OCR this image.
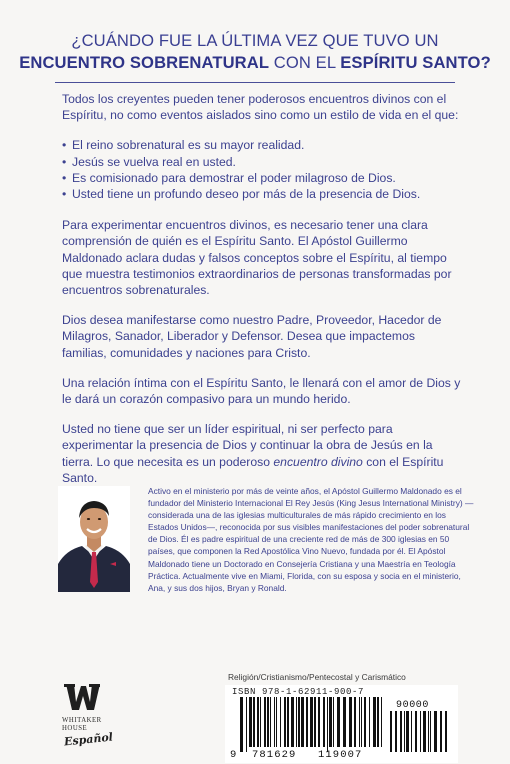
¿CUÁNDO FUE LA ÚLTIMA VEZ QUE TUVO UN
ENCUENTRO SOBRENATURAL CON EL ESPÍRITU SANTO?

Todos los creyentes pueden tener poderosos encuentros divinos con el Espíritu, no como eventos aislados sino como un estilo de vida en el que:

• El reino sobrenatural es su mayor realidad.
• Jesús se vuelva real en usted.
• Es comisionado para demostrar el poder milagroso de Dios.
• Usted tiene un profundo deseo por más de la presencia de Dios.

Para experimentar encuentros divinos, es necesario tener una clara comprensión de quién es el Espíritu Santo. El Apóstol Guillermo Maldonado aclara dudas y falsos conceptos sobre el Espíritu, al tiempo que muestra testimonios extraordinarios de personas transformadas por encuentros sobrenaturales.

Dios desea manifestarse como nuestro Padre, Proveedor, Hacedor de Milagros, Sanador, Liberador y Defensor. Desea que impactemos familias, comunidades y naciones para Cristo.

Una relación íntima con el Espíritu Santo, le llenará con el amor de Dios y le dará un corazón compasivo para un mundo herido.

Usted no tiene que ser un líder espiritual, ni ser perfecto para experimentar la presencia de Dios y continuar la obra de Jesús en la tierra. Lo que necesita es un poderoso encuentro divino con el Espíritu Santo.

Activo en el ministerio por más de veinte años, el Apóstol Guillermo Maldonado es el fundador del Ministerio Internacional El Rey Jesús (King Jesus International Ministry) —considerada una de las iglesias multiculturales de más rápido crecimiento en los Estados Unidos—, reconocida por sus visibles manifestaciones del poder sobrenatural de Dios. Él es padre espiritual de una creciente red de más de 300 iglesias en 50 países, que componen la Red Apostólica Vino Nuevo, fundada por él. El Apóstol Maldonado tiene un Doctorado en Consejería Cristiana y una Maestría en Teología Práctica. Actualmente vive en Miami, Florida, con su esposa y socia en el ministerio, Ana, y sus dos hijos, Bryan y Ronald.
WHITAKER
HOUSE
Español
Religión/Cristianismo/Pentecostal y Carismático
ISBN 978-1-62911-900-7
90000
9 781629 119007
